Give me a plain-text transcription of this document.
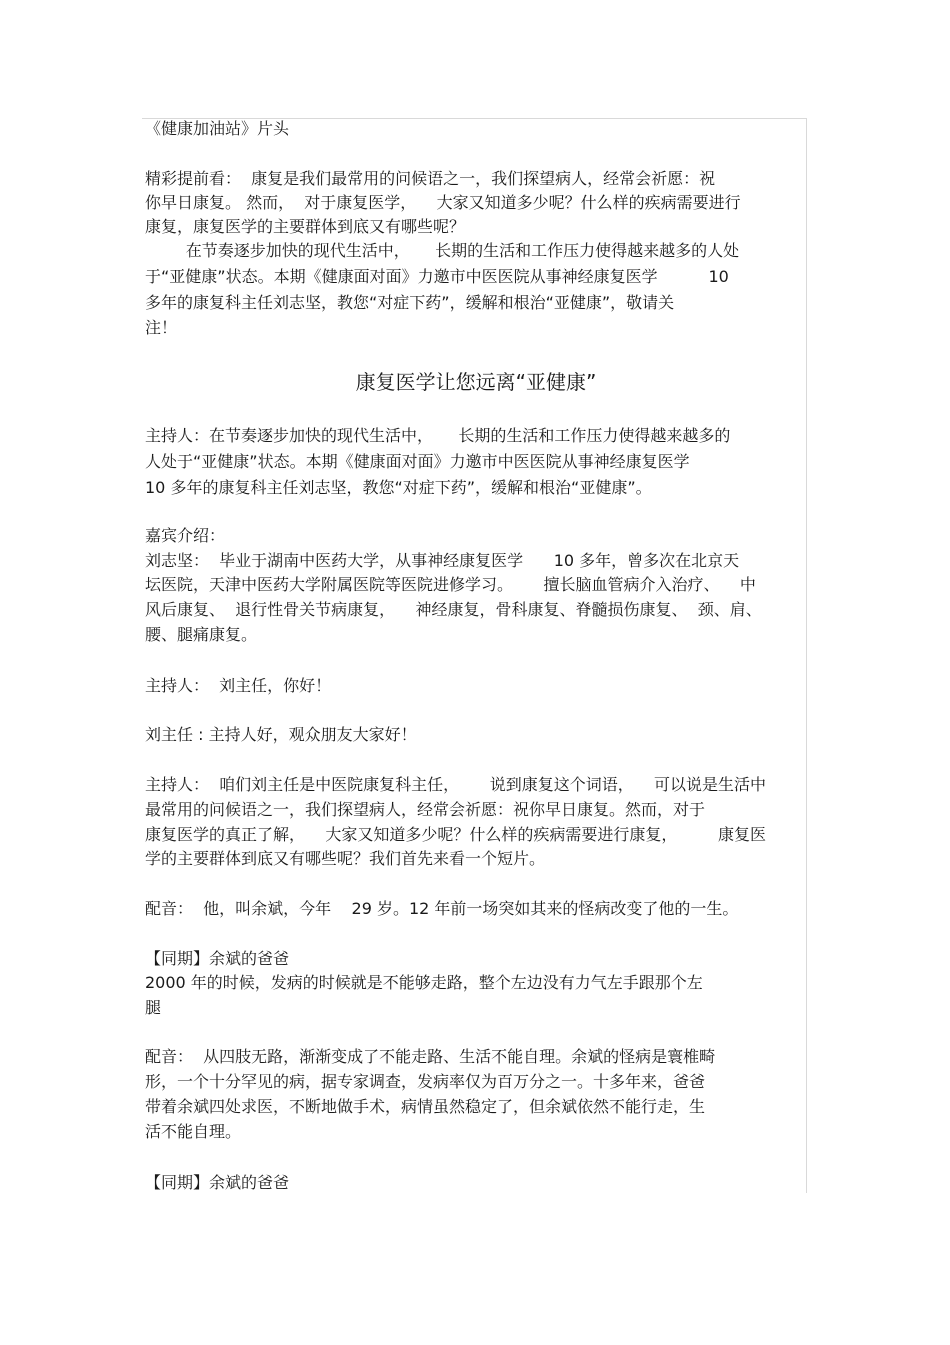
《健康加油站》片头
精彩提前看：  康复是我们最常用的问候语之一，我们探望病人，经常会祈愿：祝
你早日康复。 然而，  对于康复医学，    大家又知道多少呢？什么样的疾病需要进行
康复，康复医学的主要群体到底又有哪些呢？
在节奏逐步加快的现代生活中，     长期的生活和工作压力使得越来越多的人处
于“亚健康”状态。本期《健康面对面》力邀市中医医院从事神经康复医学          10
多年的康复科主任刘志坚，教您“对症下药”，缓解和根治“亚健康”，敬请关
注！
康复医学让您远离“亚健康”
主持人：在节奏逐步加快的现代生活中，     长期的生活和工作压力使得越来越多的
人处于“亚健康”状态。本期《健康面对面》力邀市中医医院从事神经康复医学
10 多年的康复科主任刘志坚，教您“对症下药”，缓解和根治“亚健康”。
嘉宾介绍：
刘志坚：  毕业于湖南中医药大学，从事神经康复医学      10 多年，曾多次在北京天
坛医院，天津中医药大学附属医院等医院进修学习。      擅长脑血管病介入治疗、    中
风后康复、  退行性骨关节病康复，    神经康复，骨科康复、脊髓损伤康复、  颈、肩、
腰、腿痛康复。
主持人：  刘主任，你好！
刘主任 : 主持人好，观众朋友大家好！
主持人：  咱们刘主任是中医院康复科主任，      说到康复这个词语，    可以说是生活中
最常用的问候语之一，我们探望病人，经常会祈愿：祝你早日康复。然而，对于
康复医学的真正了解，    大家又知道多少呢？什么样的疾病需要进行康复，        康复医
学的主要群体到底又有哪些呢？我们首先来看一个短片。
配音：  他，叫余斌，今年    29 岁。12 年前一场突如其来的怪病改变了他的一生。
【同期】余斌的爸爸
2000 年的时候，发病的时候就是不能够走路，整个左边没有力气左手跟那个左
腿
配音：  从四肢无路，渐渐变成了不能走路、生活不能自理。余斌的怪病是寰椎畸
形，一个十分罕见的病，据专家调查，发病率仅为百万分之一。十多年来，爸爸
带着余斌四处求医，不断地做手术，病情虽然稳定了，但余斌依然不能行走，生
活不能自理。
【同期】余斌的爸爸
